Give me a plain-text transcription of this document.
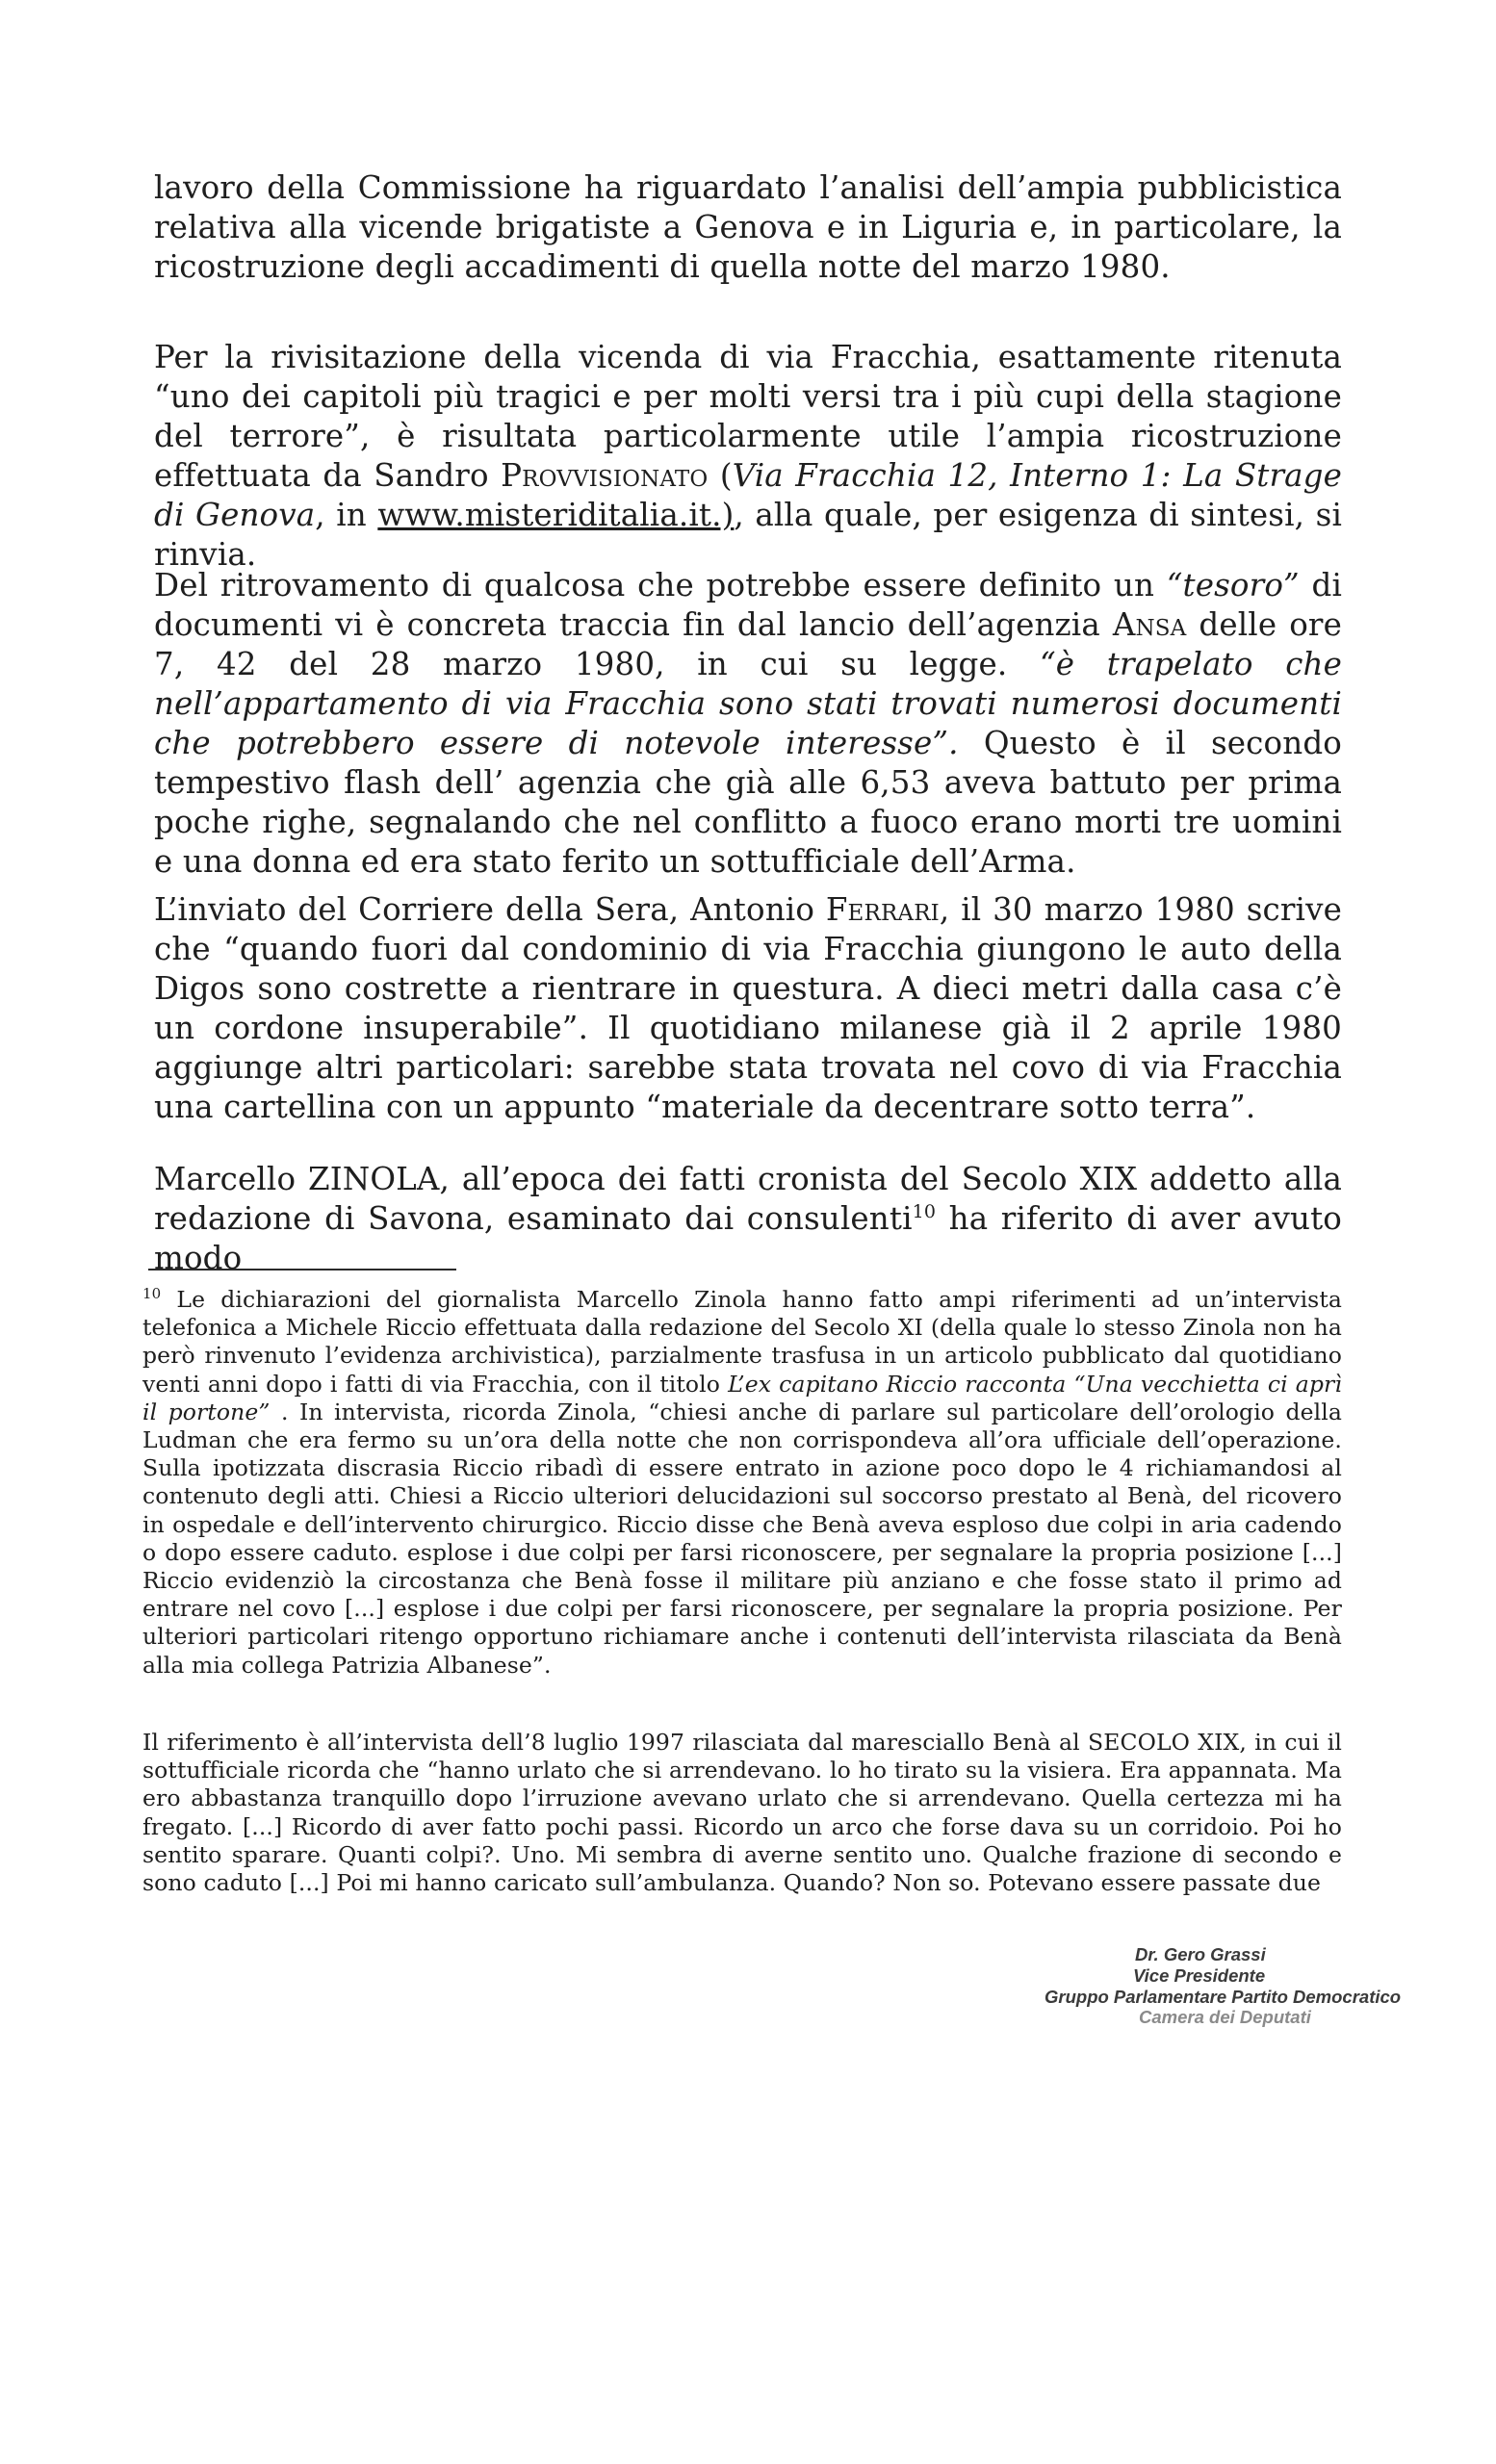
lavoro della Commissione ha riguardato l’analisi dell’ampia pubblicistica relativa alla vicende brigatiste a Genova e in Liguria e, in particolare, la ricostruzione degli accadimenti di quella notte del marzo 1980.

Per la rivisitazione della vicenda di via Fracchia, esattamente ritenuta “uno dei capitoli più tragici e per molti versi tra i più cupi della stagione del terrore”, è risultata particolarmente utile l’ampia ricostruzione effettuata da Sandro Provvisionato (Via Fracchia 12, Interno 1: La Strage di Genova, in www.misteriditalia.it.), alla quale, per esigenza di sintesi, si rinvia.

Del ritrovamento di qualcosa che potrebbe essere definito un “tesoro” di documenti vi è concreta traccia fin dal lancio dell’agenzia Ansa delle ore 7, 42 del 28 marzo 1980, in cui su legge. “è trapelato che nell’appartamento di via Fracchia sono stati trovati numerosi documenti che potrebbero essere di notevole interesse”. Questo è il secondo tempestivo flash dell’ agenzia che già alle 6,53 aveva battuto per prima poche righe, segnalando che nel conflitto a fuoco erano morti tre uomini e una donna ed era stato ferito un sottufficiale dell’Arma.

L’inviato del Corriere della Sera, Antonio Ferrari, il 30 marzo 1980 scrive che “quando fuori dal condominio di via Fracchia giungono le auto della Digos sono costrette a rientrare in questura. A dieci metri dalla casa c’è un cordone insuperabile”. Il quotidiano milanese già il 2 aprile 1980 aggiunge altri particolari: sarebbe stata trovata nel covo di via Fracchia una cartellina con un appunto “materiale da decentrare sotto terra”.

Marcello ZINOLA, all’epoca dei fatti cronista del Secolo XIX addetto alla redazione di Savona, esaminato dai consulenti$^{10}$ ha riferito di aver avuto modo

$^{10}$ Le dichiarazioni del giornalista Marcello Zinola hanno fatto ampi riferimenti ad un’intervista telefonica a Michele Riccio effettuata dalla redazione del Secolo XI (della quale lo stesso Zinola non ha però rinvenuto l’evidenza archivistica), parzialmente trasfusa in un articolo pubblicato dal quotidiano venti anni dopo i fatti di via Fracchia, con il titolo L’ex capitano Riccio racconta “Una vecchietta ci aprì il portone” . In intervista, ricorda Zinola, “chiesi anche di parlare sul particolare dell’orologio della Ludman che era fermo su un’ora della notte che non corrispondeva all’ora ufficiale dell’operazione. Sulla ipotizzata discrasia Riccio ribadì di essere entrato in azione poco dopo le 4 richiamandosi al contenuto degli atti. Chiesi a Riccio ulteriori delucidazioni sul soccorso prestato al Benà, del ricovero in ospedale e dell’intervento chirurgico. Riccio disse che Benà aveva esploso due colpi in aria cadendo o dopo essere caduto. esplose i due colpi per farsi riconoscere, per segnalare la propria posizione [...] Riccio evidenziò la circostanza che Benà fosse il militare più anziano e che fosse stato il primo ad entrare nel covo [...] esplose i due colpi per farsi riconoscere, per segnalare la propria posizione. Per ulteriori particolari ritengo opportuno richiamare anche i contenuti dell’intervista rilasciata da Benà alla mia collega Patrizia Albanese”.

Il riferimento è all’intervista dell’8 luglio 1997 rilasciata dal maresciallo Benà al SECOLO XIX, in cui il sottufficiale ricorda che “hanno urlato che si arrendevano. lo ho tirato su la visiera. Era appannata. Ma ero abbastanza tranquillo dopo l’irruzione avevano urlato che si arrendevano. Quella certezza mi ha fregato. [...] Ricordo di aver fatto pochi passi. Ricordo un arco che forse dava su un corridoio. Poi ho sentito sparare. Quanti colpi?. Uno. Mi sembra di averne sentito uno. Qualche frazione di secondo e sono caduto [...] Poi mi hanno caricato sull’ambulanza. Quando? Non so. Potevano essere passate due

Dr. Gero Grassi
Vice Presidente
Gruppo Parlamentare Partito Democratico
Camera dei Deputati
